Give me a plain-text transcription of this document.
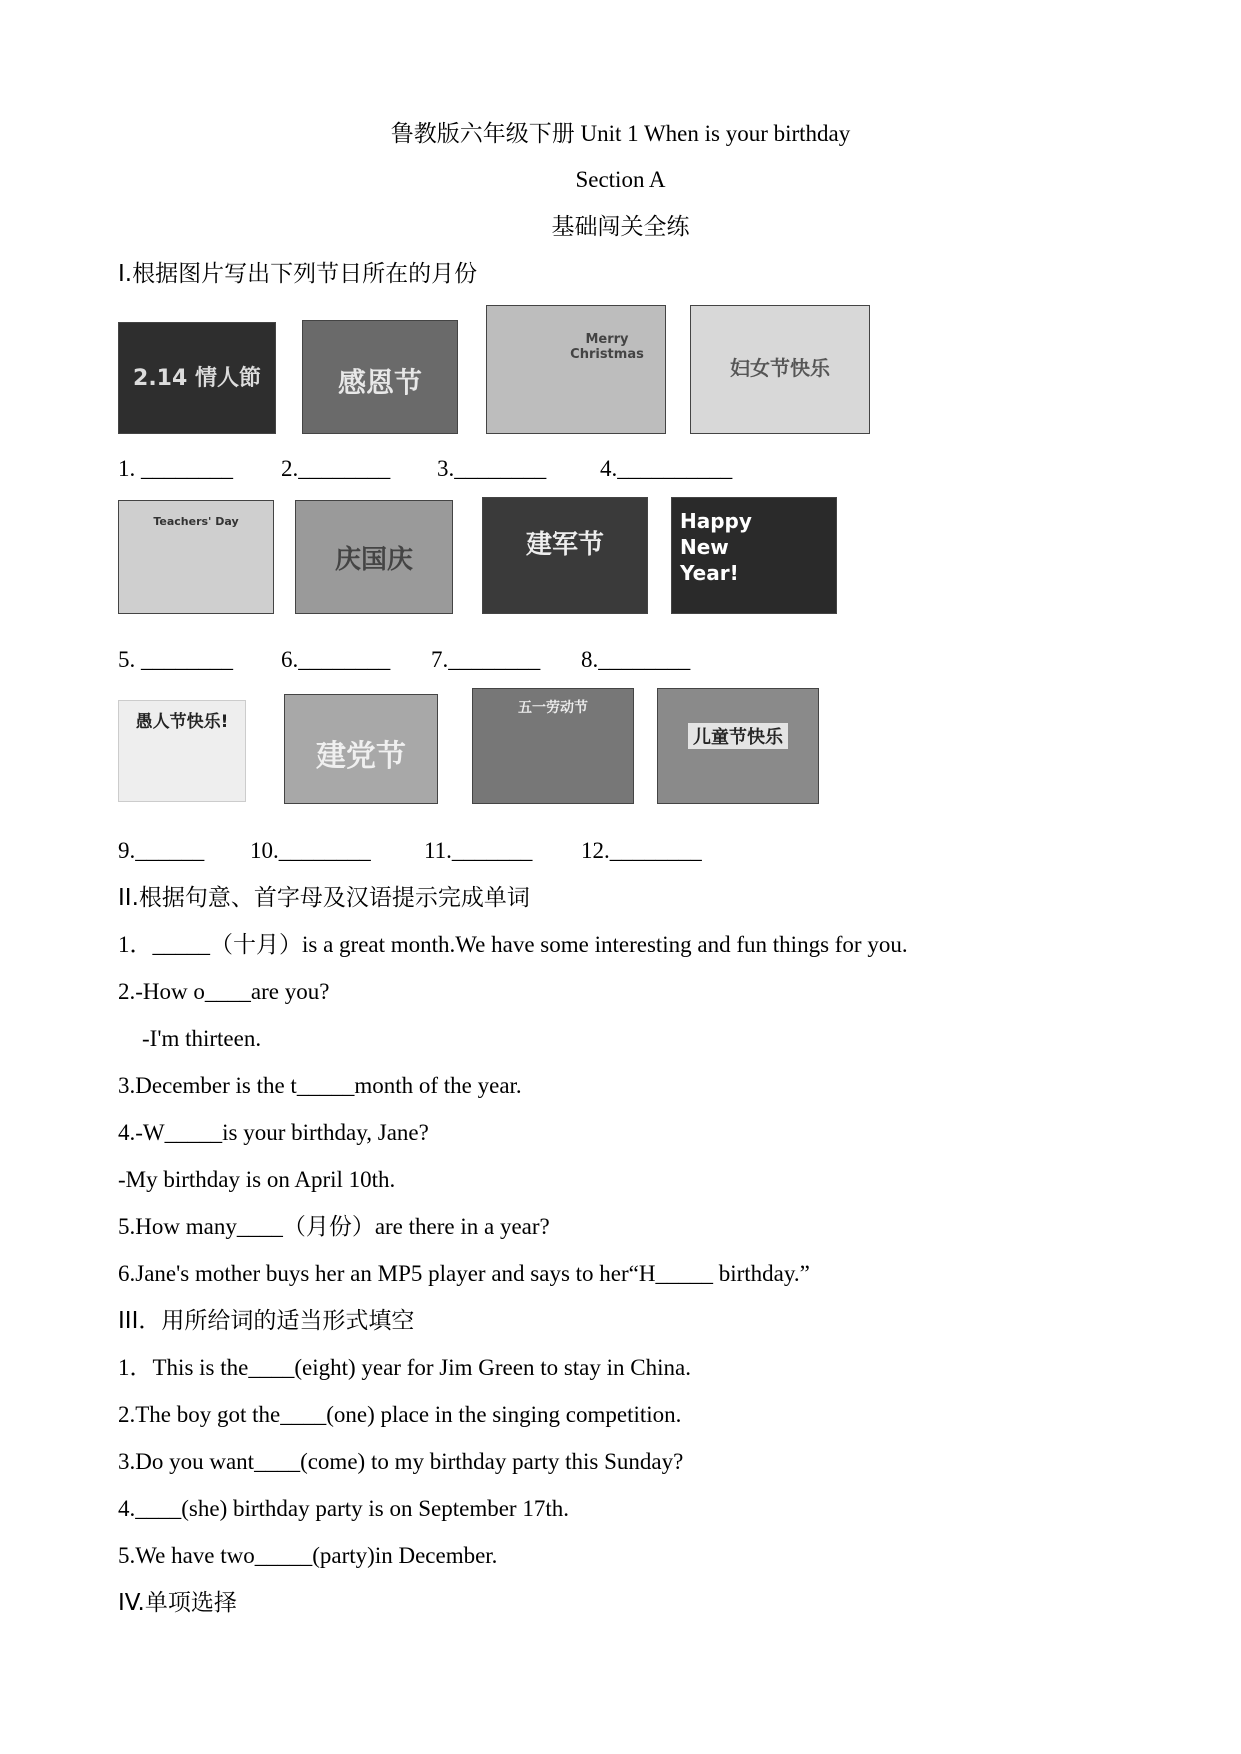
鲁教版六年级下册 Unit 1 When is your birthday
Section A
基础闯关全练
I.根据图片写出下列节日所在的月份
2.14 情人節	感恩节
Merry Christmas
妇女节快乐
1. ________ 2.________ 3.________ 4.__________
Teachers' Day
庆国庆	建军节
Happy New Year!
5. ________ 6.________ 7.________ 8.________
愚人节快乐!
建党节
五一劳动节
儿童节快乐
9.______ 10.________ 11._______ 12.________
II.根据句意、首字母及汉语提示完成单词
1．_____（十月）is a great month.We have some interesting and fun things for you.
2.-How o____are you?
-I'm thirteen.
3.December is the t_____month of the year.
4.-W_____is your birthday, Jane?
-My birthday is on April 10th.
5.How many____（月份）are there in a year?
6.Jane's mother buys her an MP5 player and says to her“H_____ birthday.”
III．用所给词的适当形式填空
1．This is the____(eight) year for Jim Green to stay in China.
2.The boy got the____(one) place in the singing competition.
3.Do you want____(come) to my birthday party this Sunday?
4.____(she) birthday party is on September 17th.
5.We have two_____(party)in December.
IV.单项选择
